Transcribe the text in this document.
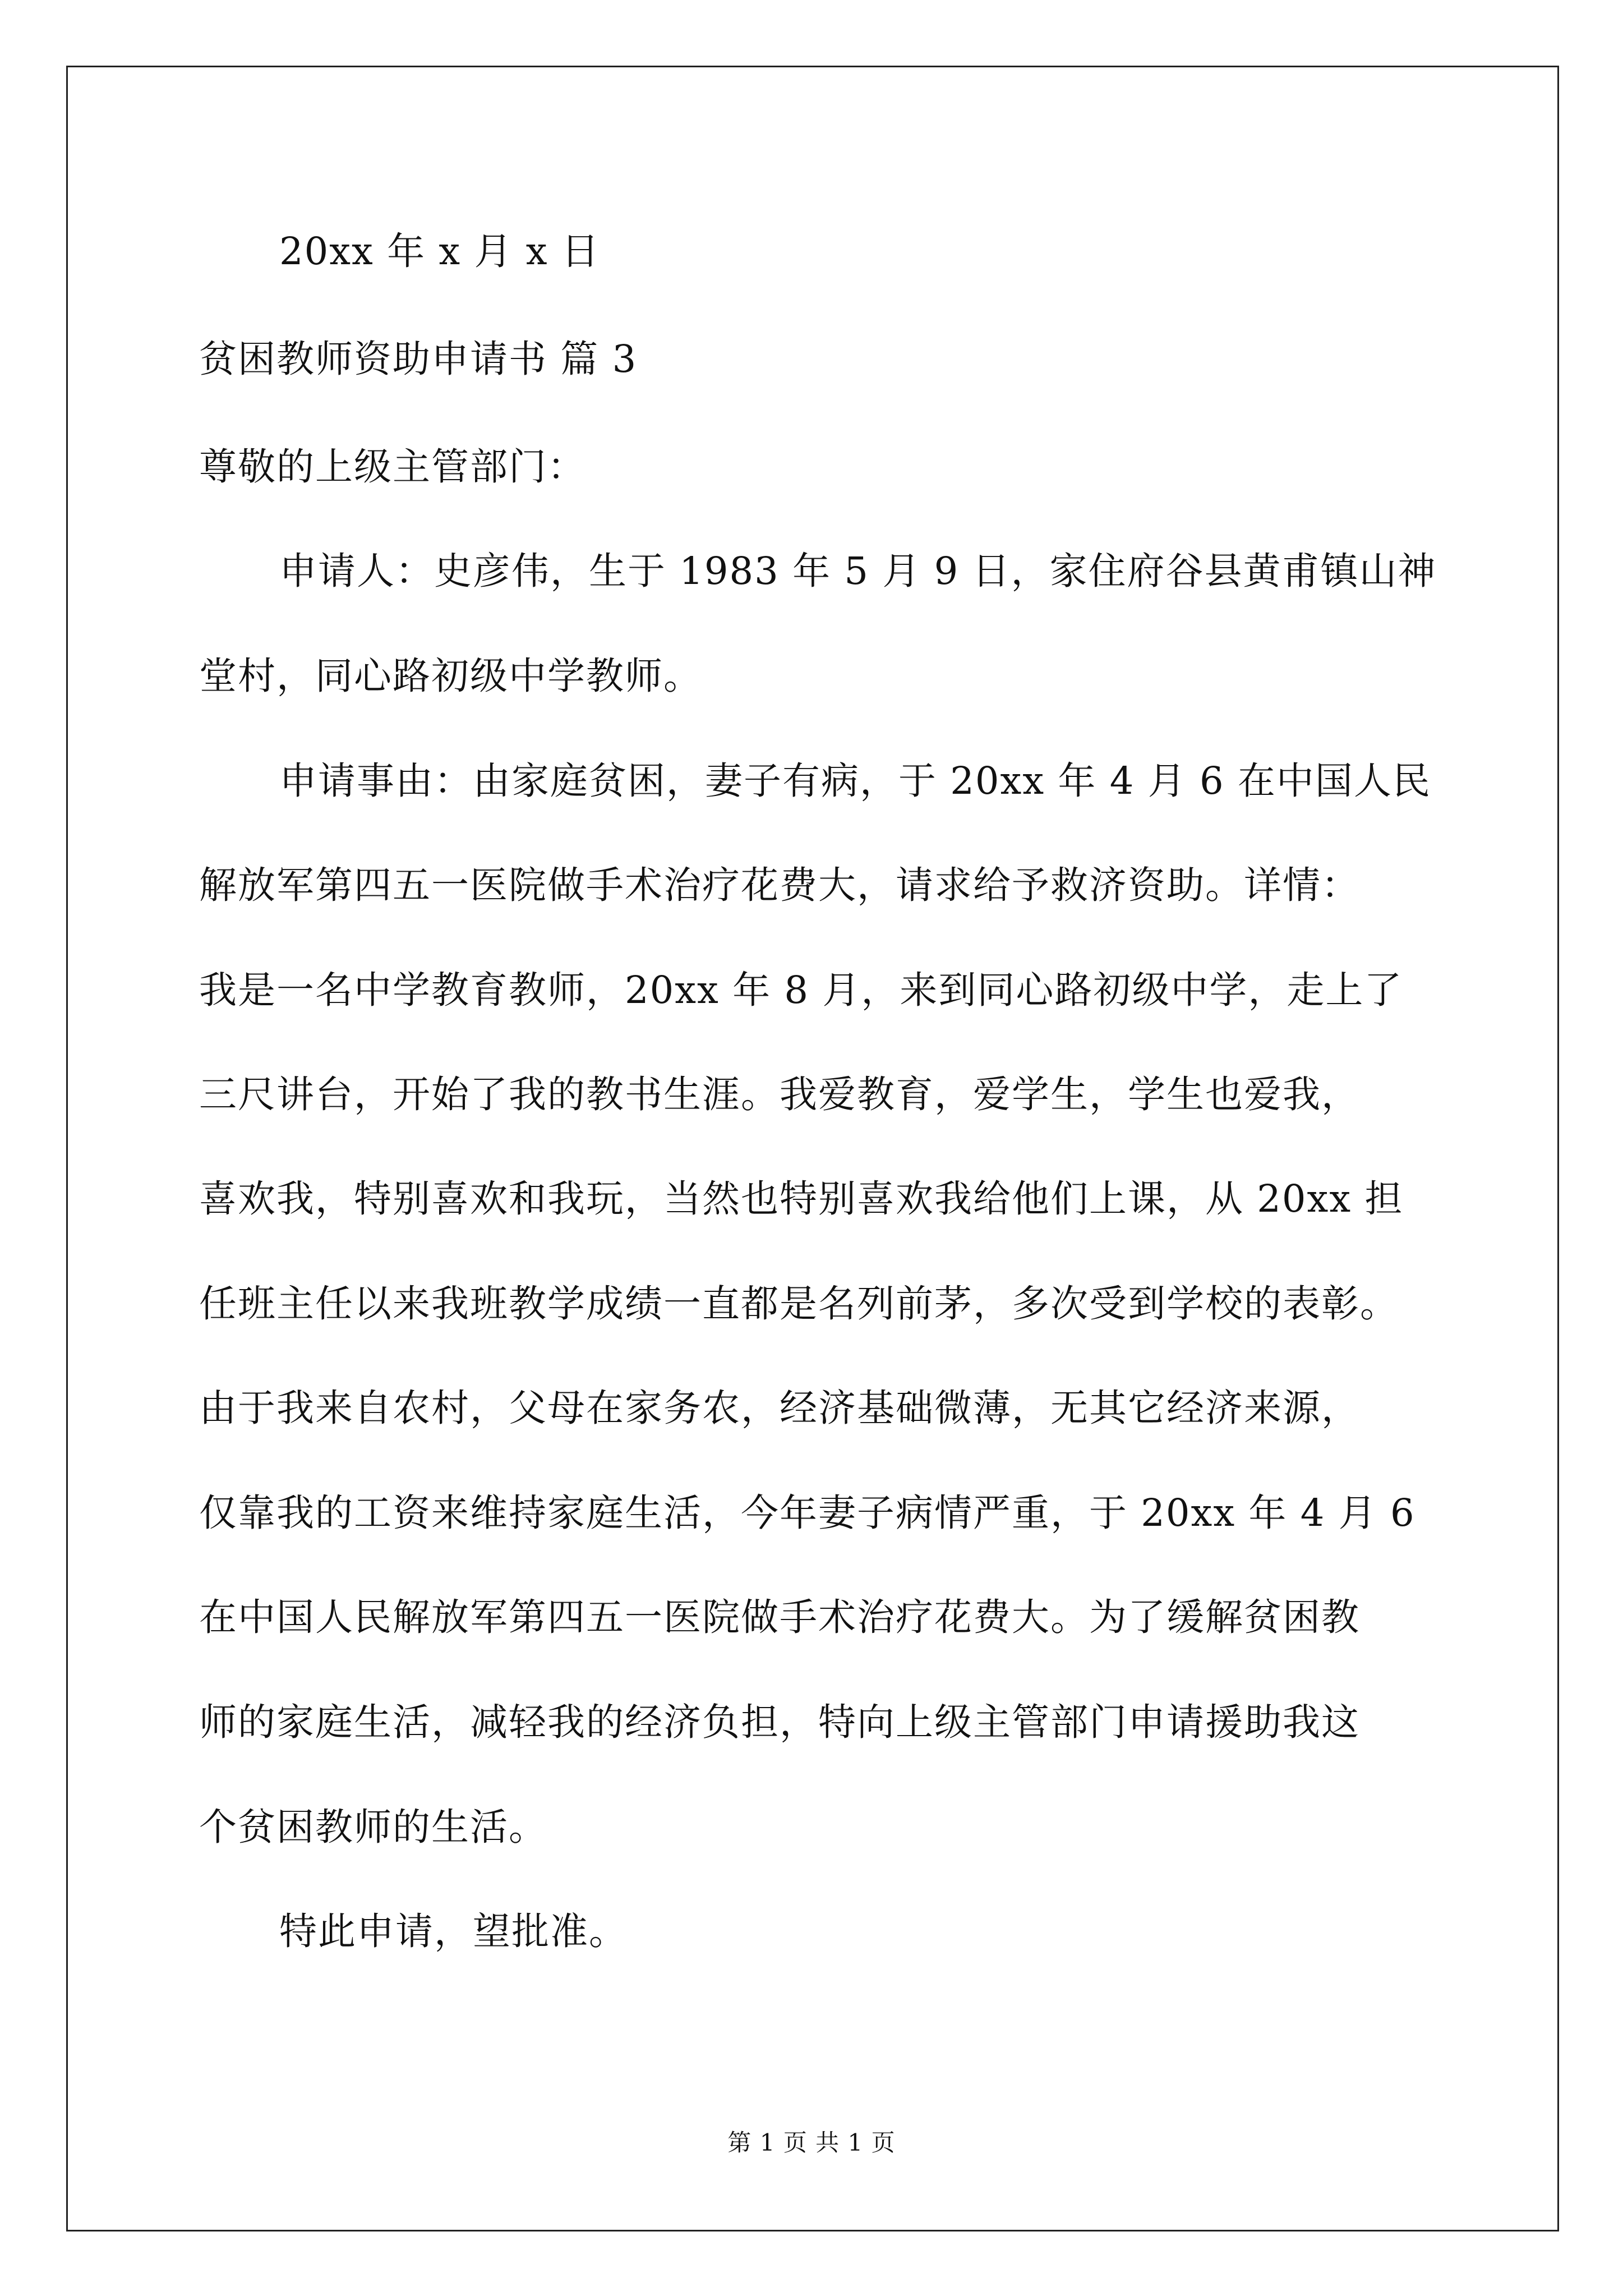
20xx 年 x 月 x 日
贫困教师资助申请书 篇 3
尊敬的上级主管部门：
申请人：史彦伟，生于 1983 年 5 月 9 日，家住府谷县黄甫镇山神
堂村，同心路初级中学教师。
申请事由：由家庭贫困，妻子有病，于 20xx 年 4 月 6 在中国人民
解放军第四五一医院做手术治疗花费大，请求给予救济资助。详情：
我是一名中学教育教师，20xx 年 8 月，来到同心路初级中学，走上了
三尺讲台，开始了我的教书生涯。我爱教育，爱学生，学生也爱我，
喜欢我，特别喜欢和我玩，当然也特别喜欢我给他们上课，从 20xx 担
任班主任以来我班教学成绩一直都是名列前茅，多次受到学校的表彰。
由于我来自农村，父母在家务农，经济基础微薄，无其它经济来源，
仅靠我的工资来维持家庭生活，今年妻子病情严重，于 20xx 年 4 月 6
在中国人民解放军第四五一医院做手术治疗花费大。为了缓解贫困教
师的家庭生活，减轻我的经济负担，特向上级主管部门申请援助我这
个贫困教师的生活。
特此申请，望批准。
第 1 页 共 1 页
